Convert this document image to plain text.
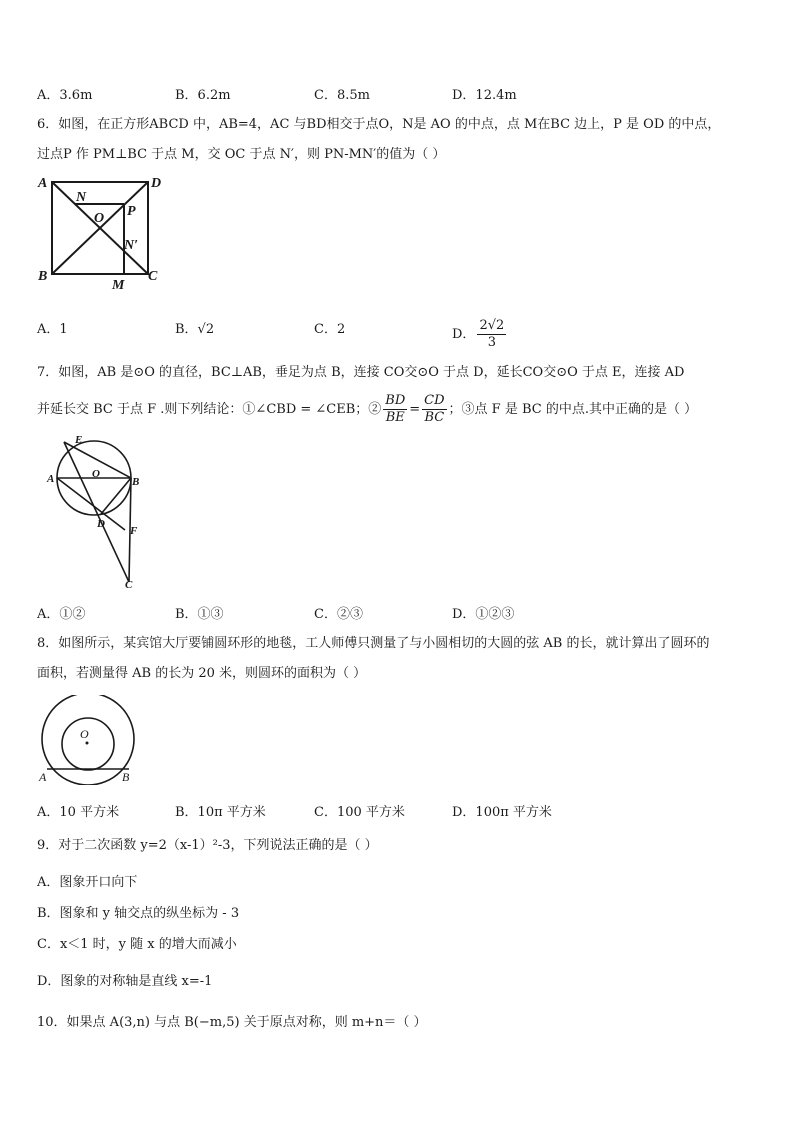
A．3.6m	B．6.2m	C．8.5m	D．12.4m
6．如图，在正方形ABCD 中，AB=4，AC 与BD相交于点O，N是 AO 的中点，点 M在BC 边上，P 是 OD 的中点，
过点P 作 PM⊥BC 于点 M，交 OC 于点 N′，则 PN-MN′的值为（ ）
A	D
N
O P
N′
B	C
M
A．1	B．√2	C．2	D． $\frac{2√2}{3}$
7．如图，AB 是⊙O 的直径，BC⊥AB，垂足为点 B，连接 CO交⊙O 于点 D，延长CO交⊙O 于点 E，连接 AD
并延长交 BC 于点 F .则下列结论：①∠CBD = ∠CEB；② $\frac{BD}{BE} = \frac{CD}{BC}$ ；③点 F 是 BC 的中点.其中正确的是（ ）
E
A	O
B
D
F
C
A．①②	B．①③	C．②③	D．①②③
8．如图所示，某宾馆大厅要铺圆环形的地毯，工人师傅只测量了与小圆相切的大圆的弦 AB 的长，就计算出了圆环的
面积，若测量得 AB 的长为 20 米，则圆环的面积为（ ）
O
A	B
A．10 平方米	B．10π 平方米	C．100 平方米	D．100π 平方米
9．对于二次函数 y=2（x-1）²-3，下列说法正确的是（ ）
A．图象开口向下
B．图象和 y 轴交点的纵坐标为 - 3
C．x＜1 时，y 随 x 的增大而减小
D．图象的对称轴是直线 x=-1
10．如果点 A(3,n) 与点 B(−m,5) 关于原点对称，则 m+n＝（ ）
